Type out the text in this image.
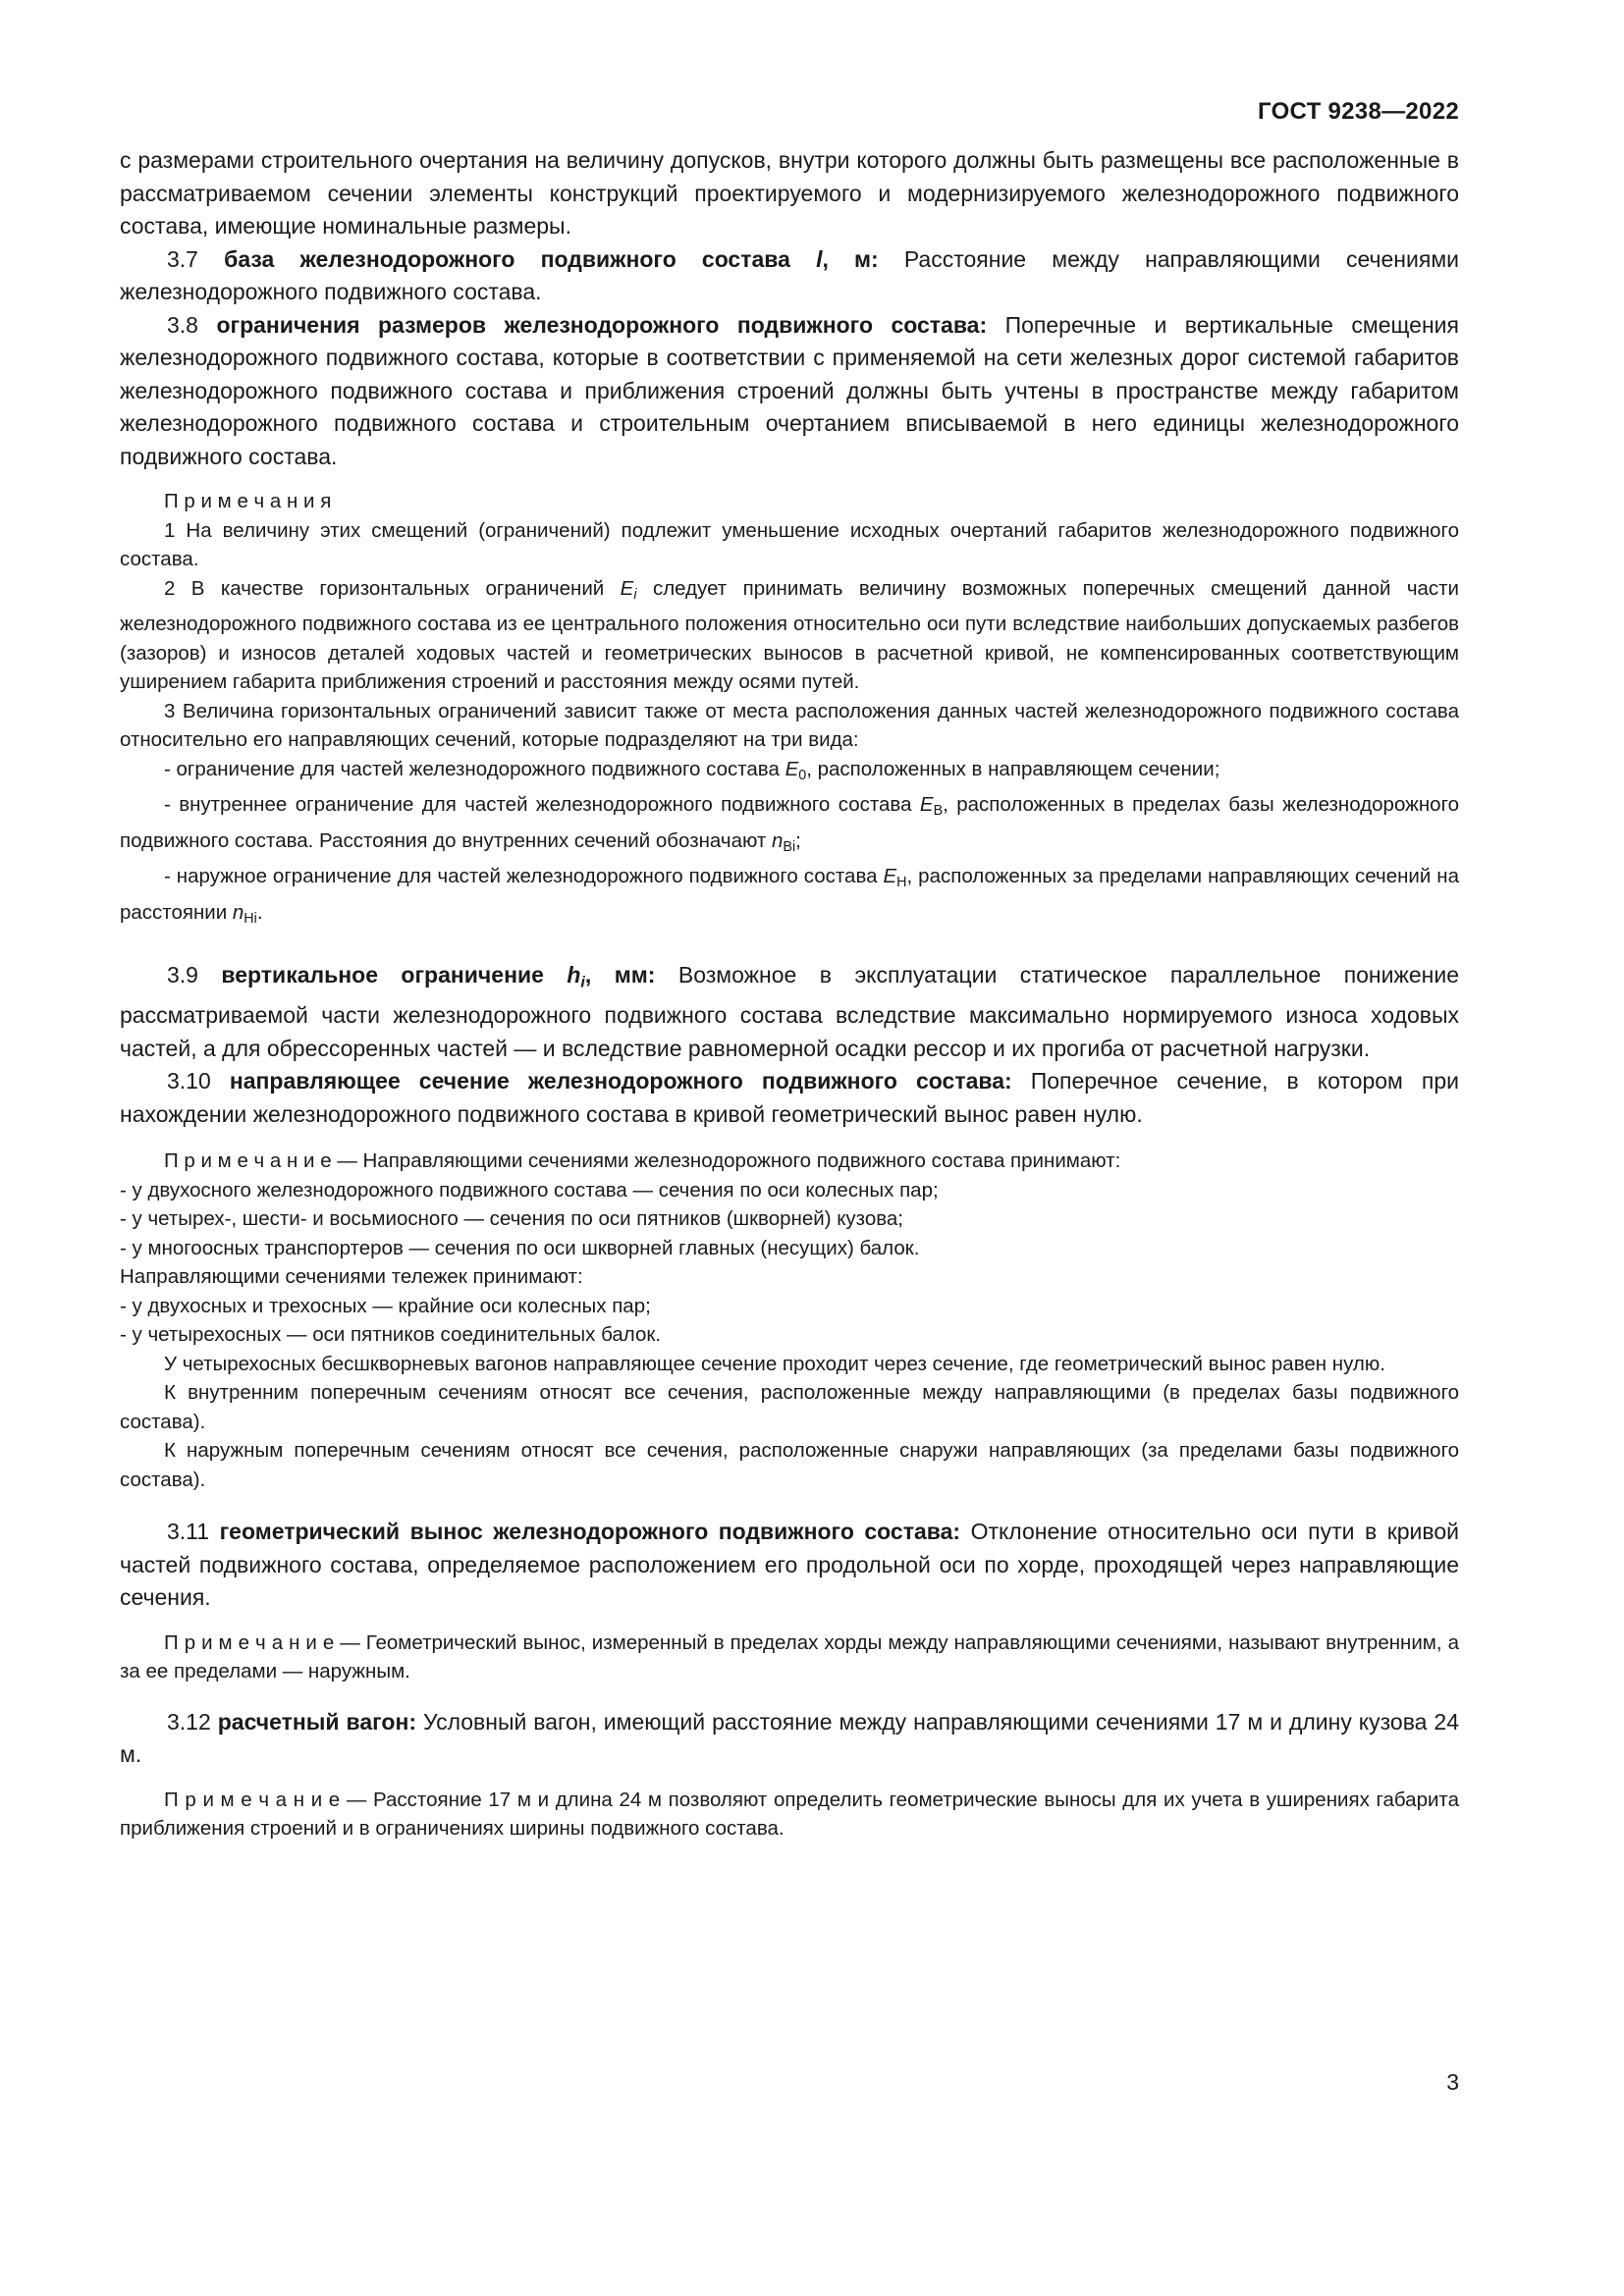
ГОСТ 9238—2022

с размерами строительного очертания на величину допусков, внутри которого должны быть размещены все расположенные в рассматриваемом сечении элементы конструкций проектируемого и модернизируемого железнодорожного подвижного состава, имеющие номинальные размеры.

3.7 база железнодорожного подвижного состава l, м: Расстояние между направляющими сечениями железнодорожного подвижного состава.

3.8 ограничения размеров железнодорожного подвижного состава: Поперечные и вертикальные смещения железнодорожного подвижного состава, которые в соответствии с применяемой на сети железных дорог системой габаритов железнодорожного подвижного состава и приближения строений должны быть учтены в пространстве между габаритом железнодорожного подвижного состава и строительным очертанием вписываемой в него единицы железнодорожного подвижного состава.

П р и м е ч а н и я

1 На величину этих смещений (ограничений) подлежит уменьшение исходных очертаний габаритов железнодорожного подвижного состава.

2 В качестве горизонтальных ограничений $E_i$ следует принимать величину возможных поперечных смещений данной части железнодорожного подвижного состава из ее центрального положения относительно оси пути вследствие наибольших допускаемых разбегов (зазоров) и износов деталей ходовых частей и геометрических выносов в расчетной кривой, не компенсированных соответствующим уширением габарита приближения строений и расстояния между осями путей.

3 Величина горизонтальных ограничений зависит также от места расположения данных частей железнодорожного подвижного состава относительно его направляющих сечений, которые подразделяют на три вида:

- ограничение для частей железнодорожного подвижного состава $E_0$, расположенных в направляющем сечении;

- внутреннее ограничение для частей железнодорожного подвижного состава $E_В$, расположенных в пределах базы железнодорожного подвижного состава. Расстояния до внутренних сечений обозначают $n_{Вi}$;

- наружное ограничение для частей железнодорожного подвижного состава $E_Н$, расположенных за пределами направляющих сечений на расстоянии $n_{Нi}$.

3.9 вертикальное ограничение $h_i$, мм: Возможное в эксплуатации статическое параллельное понижение рассматриваемой части железнодорожного подвижного состава вследствие максимально нормируемого износа ходовых частей, а для обрессоренных частей — и вследствие равномерной осадки рессор и их прогиба от расчетной нагрузки.

3.10 направляющее сечение железнодорожного подвижного состава: Поперечное сечение, в котором при нахождении железнодорожного подвижного состава в кривой геометрический вынос равен нулю.

П р и м е ч а н и е — Направляющими сечениями железнодорожного подвижного состава принимают:

- у двухосного железнодорожного подвижного состава — сечения по оси колесных пар;

- у четырех-, шести- и восьмиосного — сечения по оси пятников (шкворней) кузова;

- у многоосных транспортеров — сечения по оси шкворней главных (несущих) балок.

Направляющими сечениями тележек принимают:

- у двухосных и трехосных — крайние оси колесных пар;

- у четырехосных — оси пятников соединительных балок.

У четырехосных бесшкворневых вагонов направляющее сечение проходит через сечение, где геометрический вынос равен нулю.

К внутренним поперечным сечениям относят все сечения, расположенные между направляющими (в пределах базы подвижного состава).

К наружным поперечным сечениям относят все сечения, расположенные снаружи направляющих (за пределами базы подвижного состава).

3.11 геометрический вынос железнодорожного подвижного состава: Отклонение относительно оси пути в кривой частей подвижного состава, определяемое расположением его продольной оси по хорде, проходящей через направляющие сечения.

П р и м е ч а н и е — Геометрический вынос, измеренный в пределах хорды между направляющими сечениями, называют внутренним, а за ее пределами — наружным.

3.12 расчетный вагон: Условный вагон, имеющий расстояние между направляющими сечениями 17 м и длину кузова 24 м.

П р и м е ч а н и е — Расстояние 17 м и длина 24 м позволяют определить геометрические выносы для их учета в уширениях габарита приближения строений и в ограничениях ширины подвижного состава.

3
